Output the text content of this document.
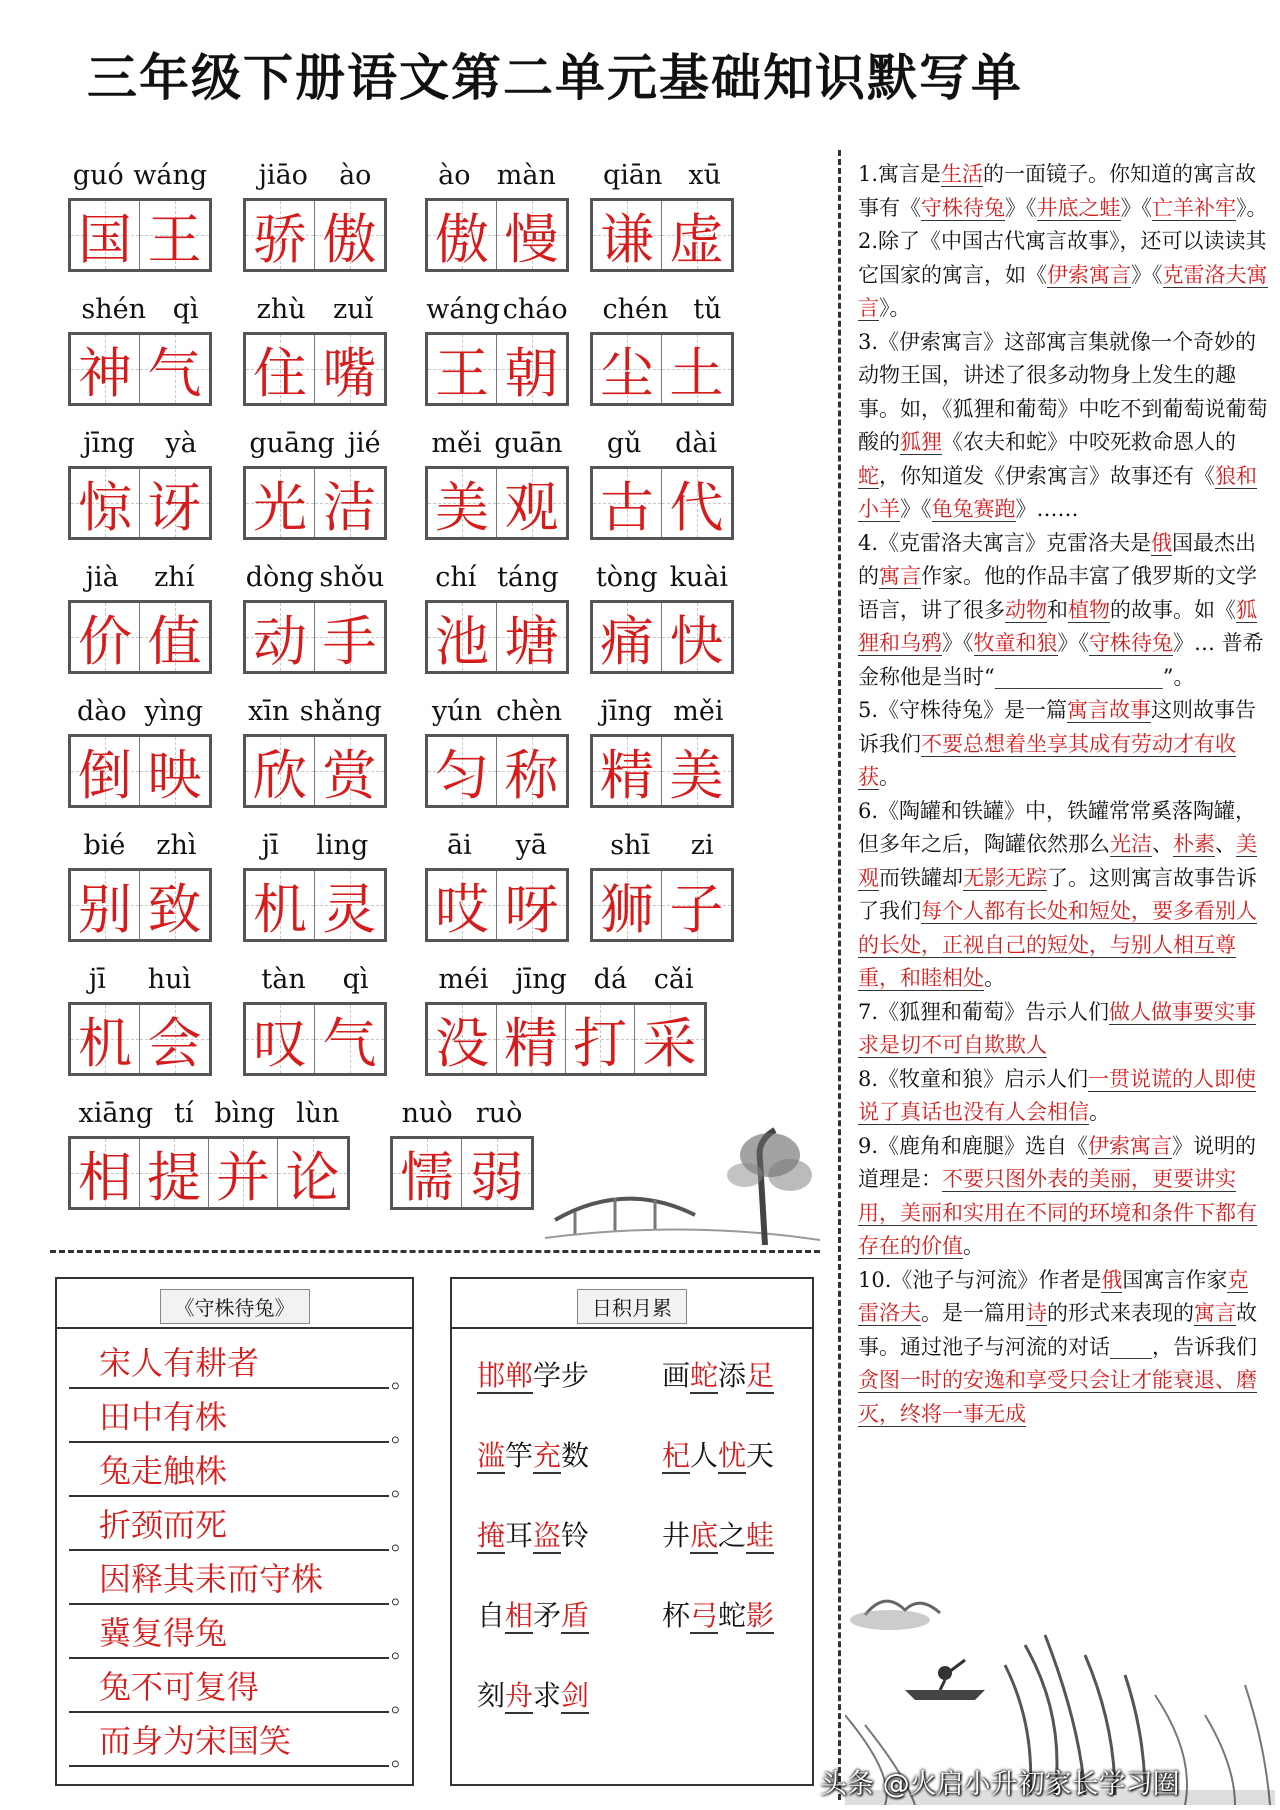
三年级下册语文第二单元基础知识默写单
guó wáng
国 王
jiāo ào
骄 傲
ào màn
傲 慢
qiān xū
谦 虚
shén qì
神 气
zhù zuǐ
住 嘴
wáng cháo
王 朝
chén tǔ
尘 土
jīng yà
惊 讶
guāng jié
光 洁
měi guān
美 观
gǔ dài
古 代
jià zhí
价 值
dòng shǒu
动 手
chí táng
池 塘
tòng kuài
痛 快
dào yìng
倒 映
xīn shǎng
欣 赏
yún chèn
匀 称
jīng měi
精 美
bié zhì
别 致
jī ling
机 灵
āi yā
哎 呀
shī zi
狮 子
jī huì
机 会
tàn qì
叹 气
méi jīng dá cǎi
没 精 打 采
xiāng tí bìng lùn
相 提 并 论
nuò ruò
懦 弱

1.寓言是生活的一面镜子。你知道的寓言故事有《守株待兔》《井底之蛙》《亡羊补牢》。

2.除了《中国古代寓言故事》，还可以读读其它国家的寓言，如《伊索寓言》《克雷洛夫寓言》。

3.《伊索寓言》这部寓言集就像一个奇妙的动物王国，讲述了很多动物身上发生的趣事。如，《狐狸和葡萄》中吃不到葡萄说葡萄酸的狐狸《农夫和蛇》中咬死救命恩人的蛇，你知道发《伊索寓言》故事还有《狼和小羊》《龟兔赛跑》……

4.《克雷洛夫寓言》克雷洛夫是俄国最杰出的寓言作家。他的作品丰富了俄罗斯的文学语言，讲了很多动物和植物的故事。如《狐狸和乌鸦》《牧童和狼》《守株待兔》… 普希金称他是当时“________________”。

5.《守株待兔》是一篇寓言故事这则故事告诉我们不要总想着坐享其成有劳动才有收获。

6.《陶罐和铁罐》中，铁罐常常奚落陶罐，但多年之后，陶罐依然那么光洁、朴素、美观而铁罐却无影无踪了。这则寓言故事告诉了我们每个人都有长处和短处，要多看别人的长处，正视自己的短处，与别人相互尊重，和睦相处。

7.《狐狸和葡萄》告示人们做人做事要实事求是切不可自欺欺人

8.《牧童和狼》启示人们一贯说谎的人即使说了真话也没有人会相信。

9.《鹿角和鹿腿》选自《伊索寓言》说明的道理是：不要只图外表的美丽，更要讲实用，美丽和实用在不同的环境和条件下都有存在的价值。

10.《池子与河流》作者是俄国寓言作家克雷洛夫。是一篇用诗的形式来表现的寓言故事。通过池子与河流的对话____，告诉我们贪图一时的安逸和享受只会让才能衰退、磨灭，终将一事无成

《守株待兔》
宋人有耕者 。
田中有株 。
兔走触株 。
折颈而死 。
因释其耒而守株 。
冀复得兔 。
兔不可复得 。
而身为宋国笑 。
日积月累
邯郸学步	画蛇添足
滥竽充数	杞人忧天
掩耳盗铃	井底之蛙
自相矛盾	杯弓蛇影
刻舟求剑
头条 @火启小升初家长学习圈
